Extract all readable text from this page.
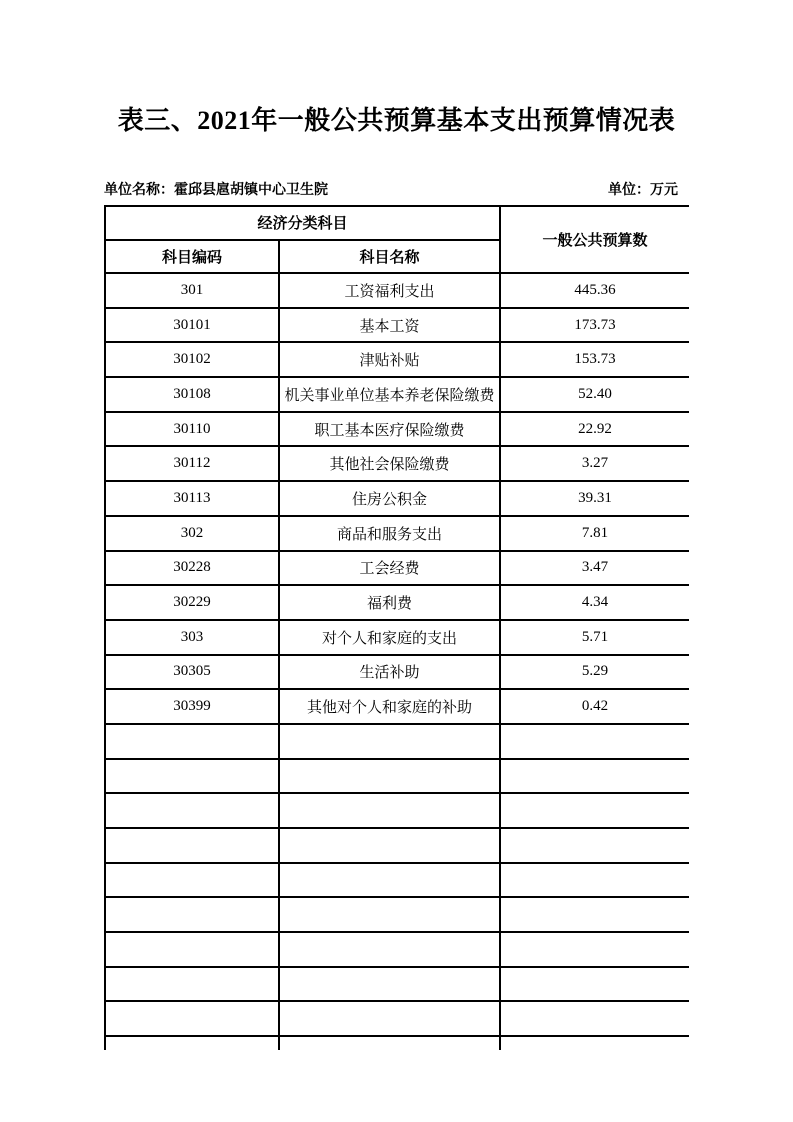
表三、2021年一般公共预算基本支出预算情况表
单位名称：霍邱县扈胡镇中心卫生院	单位：万元
经济分类科目		一般公共预算数
科目编码	科目名称	
301	工资福利支出	445.36
30101	基本工资	173.73
30102	津贴补贴	153.73
30108	机关事业单位基本养老保险缴费	52.40
30110	职工基本医疗保险缴费	22.92
30112	其他社会保险缴费	3.27
30113	住房公积金	39.31
302	商品和服务支出	7.81
30228	工会经费	3.47
30229	福利费	4.34
303	对个人和家庭的支出	5.71
30305	生活补助	5.29
30399	其他对个人和家庭的补助	0.42
